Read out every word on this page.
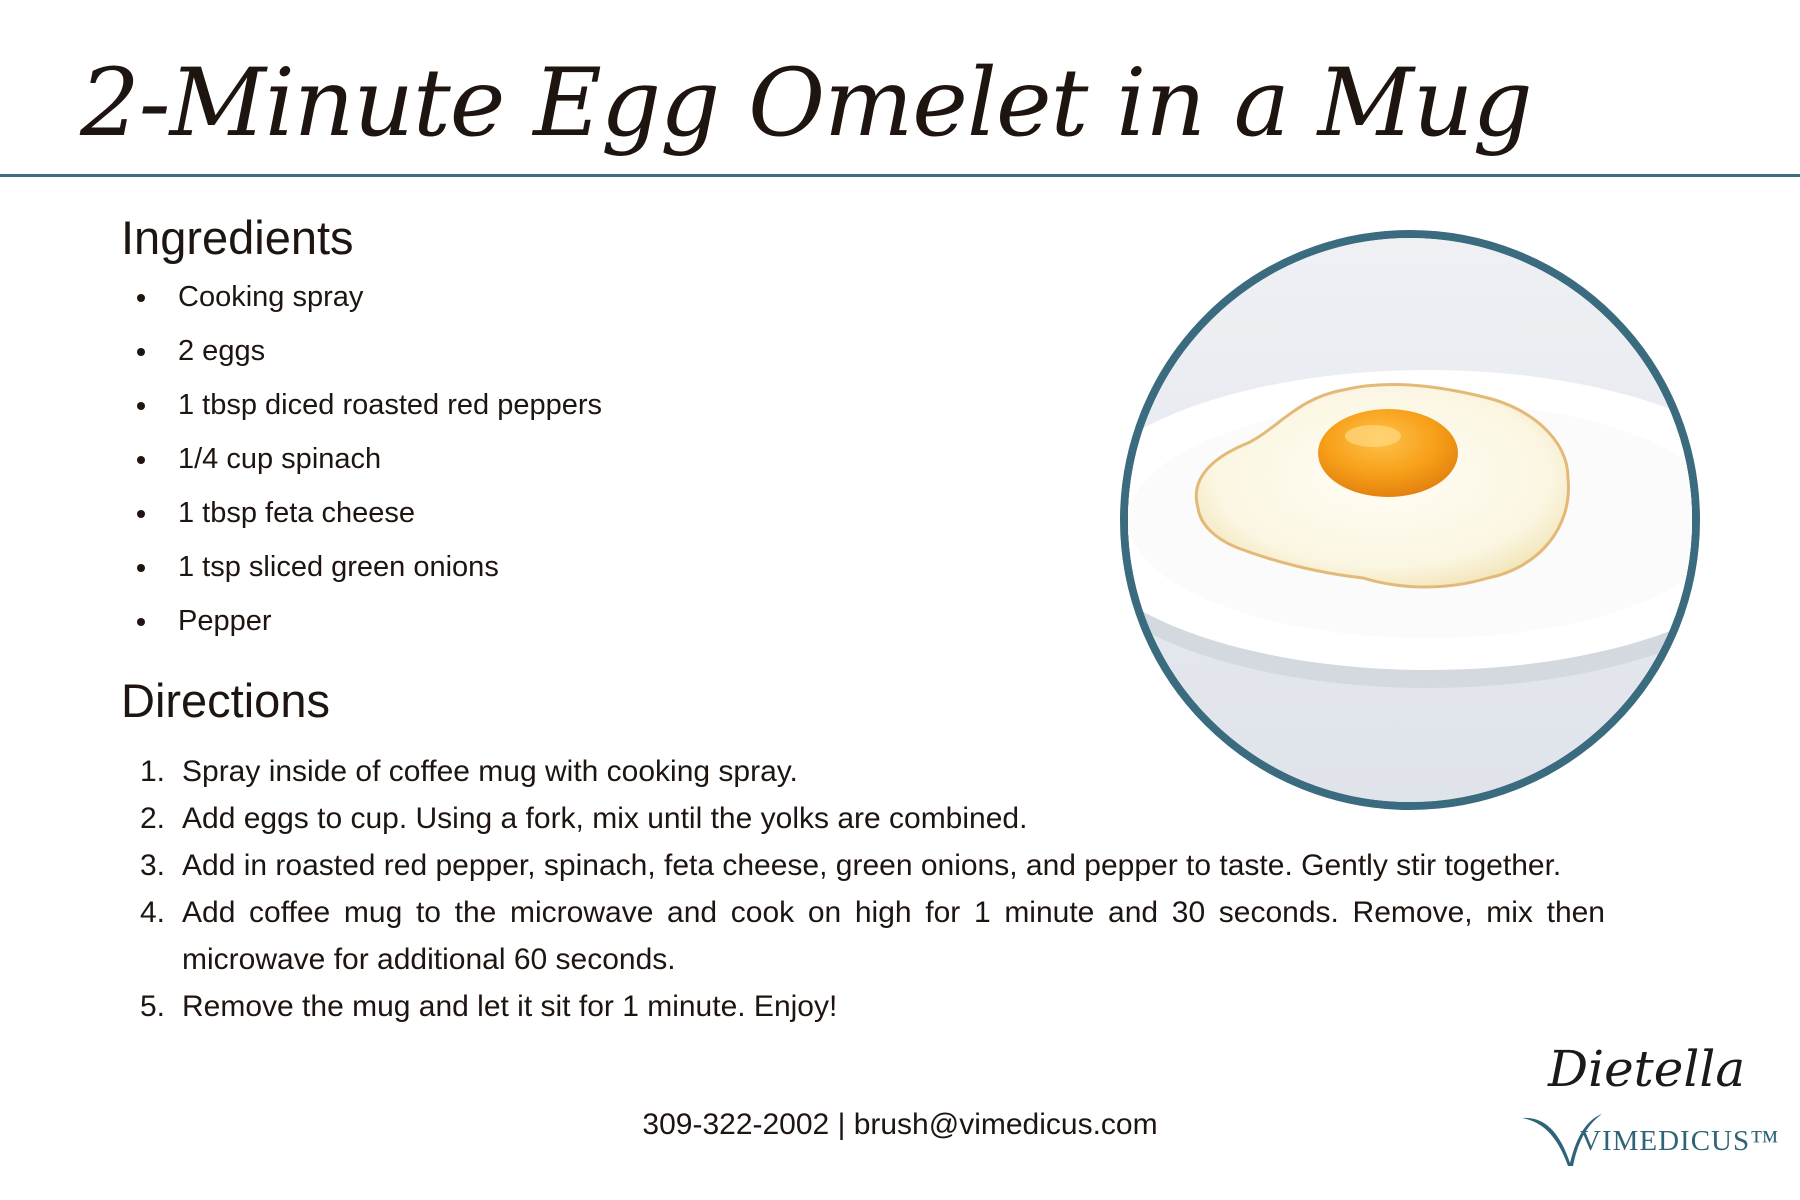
2-Minute Egg Omelet in a Mug
Ingredients
Cooking spray
2 eggs
1 tbsp diced roasted red peppers
1/4 cup spinach
1 tbsp feta cheese
1 tsp sliced green onions
Pepper
Directions
1. Spray inside of coffee mug with cooking spray.
2. Add eggs to cup. Using a fork, mix until the yolks are combined.
3. Add in roasted red pepper, spinach, feta cheese, green onions, and pepper to taste. Gently stir together.
4. Add coffee mug to the microwave and cook on high for 1 minute and 30 seconds. Remove, mix then microwave for additional 60 seconds.
5. Remove the mug and let it sit for 1 minute. Enjoy!

309-322-2002 | brush@vimedicus.com

Dietella

VIMEDICUS™
